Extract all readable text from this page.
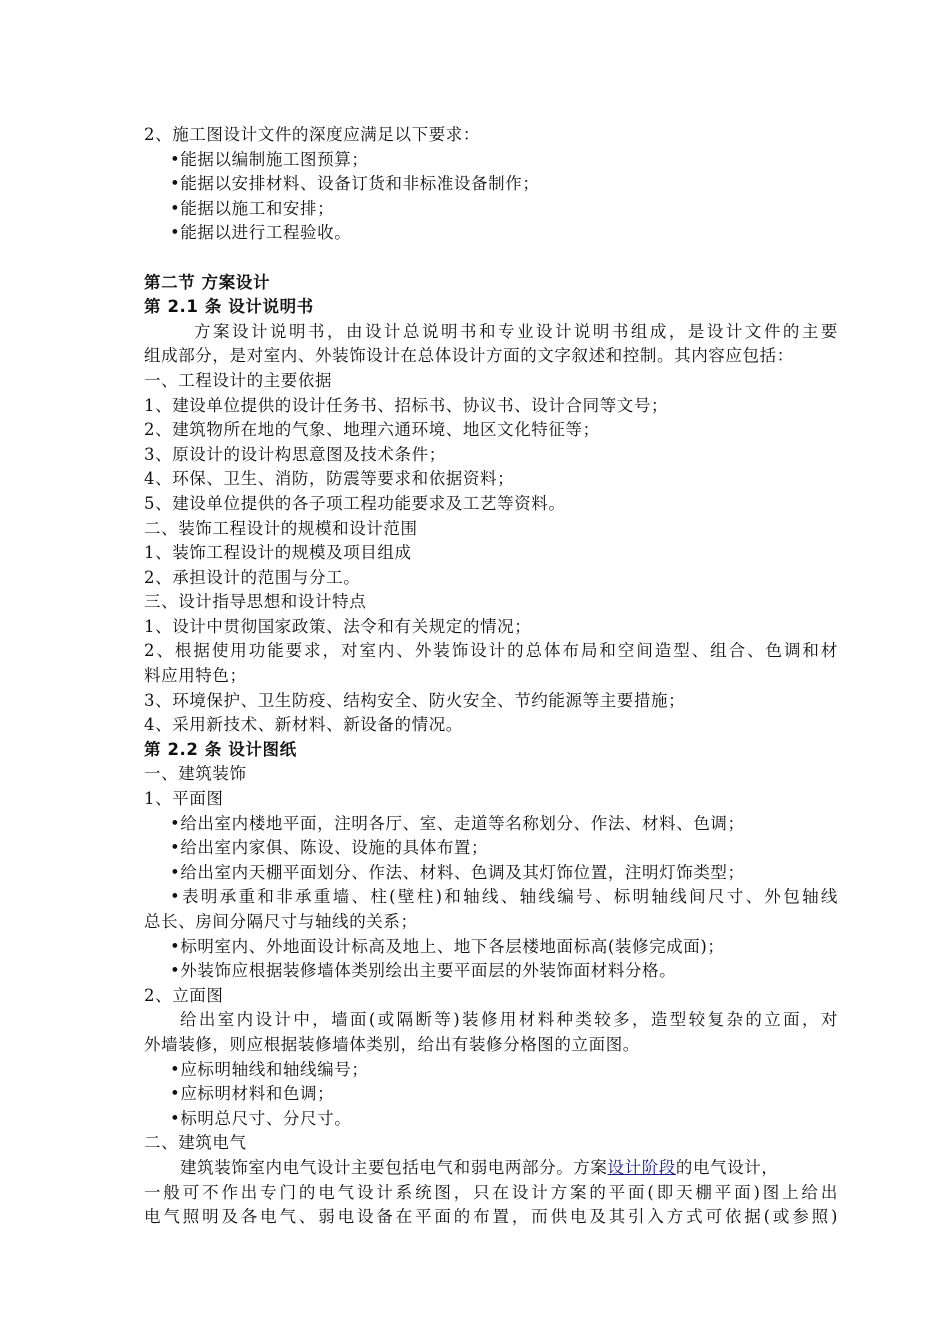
2、施工图设计文件的深度应满足以下要求：
•能据以编制施工图预算；
•能据以安排材料、设备订货和非标准设备制作；
•能据以施工和安排；
•能据以进行工程验收。
第二节 方案设计
第 2.1 条 设计说明书
方案设计说明书，由设计总说明书和专业设计说明书组成，是设计文件的主要
组成部分，是对室内、外装饰设计在总体设计方面的文字叙述和控制。其内容应包括：
一、工程设计的主要依据
1、建设单位提供的设计任务书、招标书、协议书、设计合同等文号；
2、建筑物所在地的气象、地理六通环境、地区文化特征等；
3、原设计的设计构思意图及技术条件；
4、环保、卫生、消防，防震等要求和依据资料；
5、建设单位提供的各子项工程功能要求及工艺等资料。
二、装饰工程设计的规模和设计范围
1、装饰工程设计的规模及项目组成
2、承担设计的范围与分工。
三、设计指导思想和设计特点
1、设计中贯彻国家政策、法令和有关规定的情况；
2、根据使用功能要求，对室内、外装饰设计的总体布局和空间造型、组合、色调和材
料应用特色；
3、环境保护、卫生防疫、结构安全、防火安全、节约能源等主要措施；
4、采用新技术、新材料、新设备的情况。
第 2.2 条 设计图纸
一、建筑装饰
1、平面图
•给出室内楼地平面，注明各厅、室、走道等名称划分、作法、材料、色调；
•给出室内家俱、陈设、设施的具体布置；
•给出室内天棚平面划分、作法、材料、色调及其灯饰位置，注明灯饰类型；
•表明承重和非承重墙、柱(壁柱)和轴线、轴线编号、标明轴线间尺寸、外包轴线
总长、房间分隔尺寸与轴线的关系；
•标明室内、外地面设计标高及地上、地下各层楼地面标高(装修完成面)；
•外装饰应根据装修墙体类别绘出主要平面层的外装饰面材料分格。
2、立面图
给出室内设计中，墙面(或隔断等)装修用材料种类较多，造型较复杂的立面，对
外墙装修，则应根据装修墙体类别，给出有装修分格图的立面图。
•应标明轴线和轴线编号；
•应标明材料和色调；
•标明总尺寸、分尺寸。
二、建筑电气
建筑装饰室内电气设计主要包括电气和弱电两部分。方案设计阶段的电气设计，
一般可不作出专门的电气设计系统图，只在设计方案的平面(即天棚平面)图上给出
电气照明及各电气、弱电设备在平面的布置，而供电及其引入方式可依据(或参照)
